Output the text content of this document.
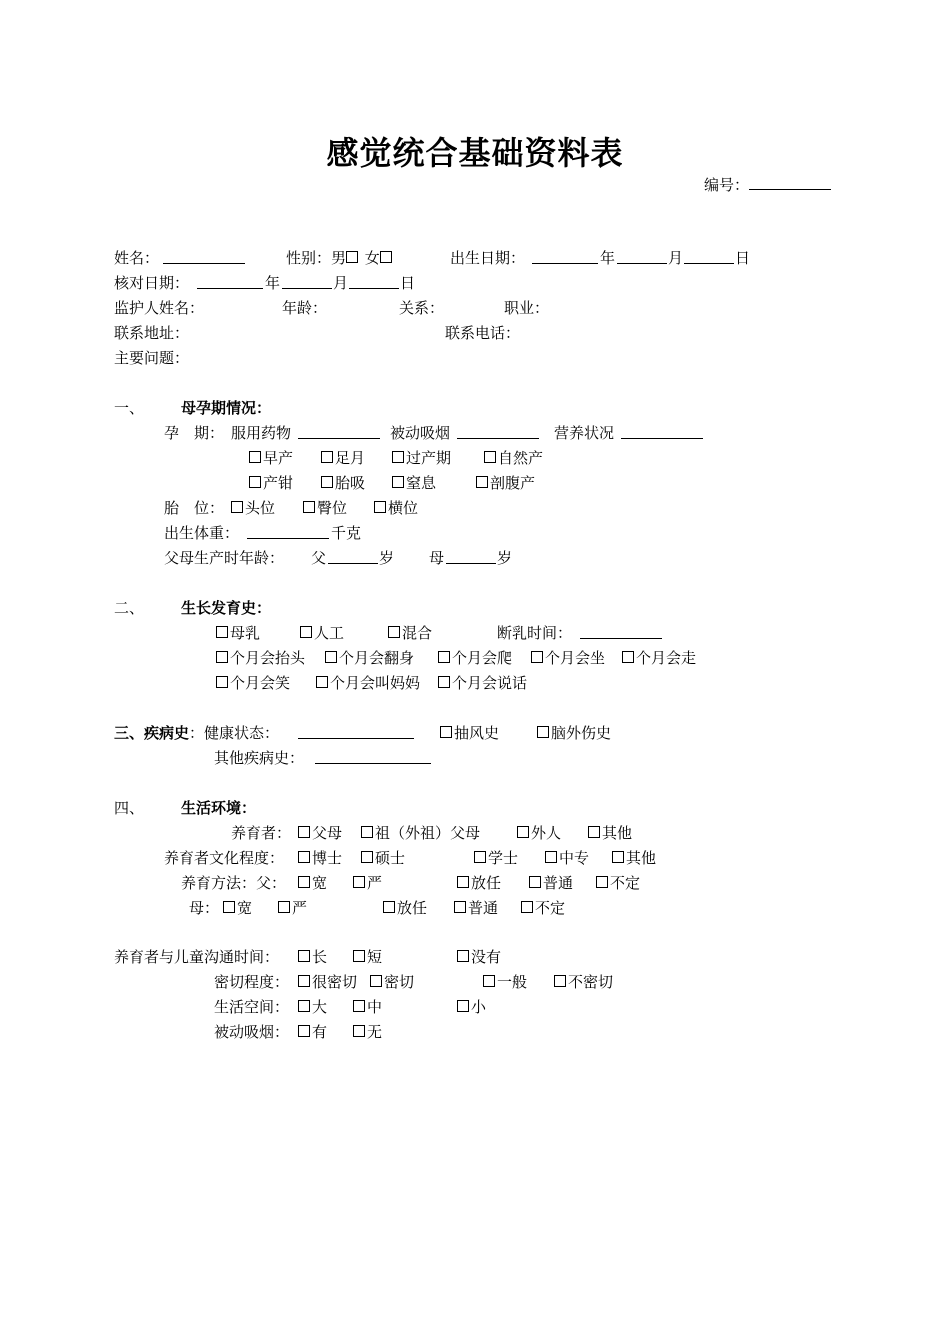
感觉统合基础资料表
编号：
姓名：	性别：男 女	出生日期：	年	月	日
核对日期：	年	月	日
监护人姓名：	年龄：	关系：	职业：
联系地址：	联系电话：
主要问题：
一、 母孕期情况：
孕　期： 服用药物	被动吸烟	营养状况
早产	足月	过产期	自然产
产钳	胎吸	窒息	剖腹产
胎　位：	头位	臀位	横位
出生体重：	千克
父母生产时年龄： 父	岁 母	岁
二、 生长发育史：
母乳	人工	混合	断乳时间：
个月会抬头	个月会翻身	个月会爬	个月会坐	个月会走
个月会笑	个月会叫妈妈	个月会说话
三、疾病史：健康状态：	抽风史	脑外伤史
其他疾病史：
四、 生活环境：
养育者：	父母	祖（外祖）父母	外人	其他
养育者文化程度：	博士	硕士	学士	中专	其他
养育方法：父：	宽	严	放任	普通	不定
母：	宽	严	放任	普通	不定
养育者与儿童沟通时间：	长	短	没有
密切程度：	很密切	密切	一般	不密切
生活空间：	大	中	小
被动吸烟：	有	无
